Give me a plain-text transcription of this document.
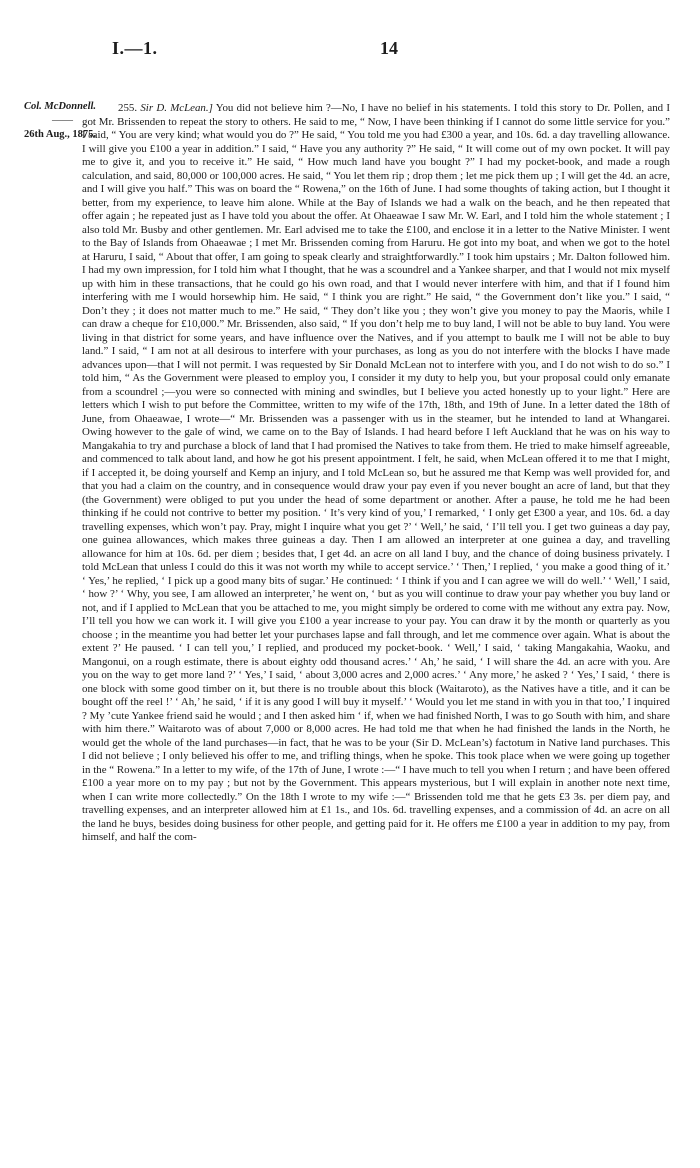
I.—1.	14
Col. McDonnell.
——
26th Aug., 1875.

255. Sir D. McLean.] You did not believe him ?—No, I have no belief in his statements. I told this story to Dr. Pollen, and I got Mr. Brissenden to repeat the story to others. He said to me, “ Now, I have been thinking if I cannot do some little service for you.” I said, “ You are very kind; what would you do ?” He said, “ You told me you had £300 a year, and 10s. 6d. a day travelling allowance. I will give you £100 a year in addition.” I said, “ Have you any authority ?” He said, “ It will come out of my own pocket. It will pay me to give it, and you to receive it.” He said, “ How much land have you bought ?” I had my pocket-book, and made a rough calculation, and said, 80,000 or 100,000 acres. He said, “ You let them rip ; drop them ; let me pick them up ; I will get the 4d. an acre, and I will give you half.” This was on board the “ Rowena,” on the 16th of June. I had some thoughts of taking action, but I thought it better, from my experience, to leave him alone. While at the Bay of Islands we had a walk on the beach, and he then repeated that offer again ; he repeated just as I have told you about the offer. At Ohaeawae I saw Mr. W. Earl, and I told him the whole statement ; I also told Mr. Busby and other gentlemen. Mr. Earl advised me to take the £100, and enclose it in a letter to the Native Minister. I went to the Bay of Islands from Ohaeawae ; I met Mr. Brissenden coming from Haruru. He got into my boat, and when we got to the hotel at Haruru, I said, “ About that offer, I am going to speak clearly and straightforwardly.” I took him upstairs ; Mr. Dalton followed him. I had my own impression, for I told him what I thought, that he was a scoundrel and a Yankee sharper, and that I would not mix myself up with him in these transactions, that he could go his own road, and that I would never interfere with him, and that if I found him interfering with me I would horsewhip him. He said, “ I think you are right.” He said, “ the Government don’t like you.” I said, “ Don’t they ; it does not matter much to me.” He said, “ They don’t like you ; they won’t give you money to pay the Maoris, while I can draw a cheque for £10,000.” Mr. Brissenden, also said, “ If you don’t help me to buy land, I will not be able to buy land. You were living in that district for some years, and have influence over the Natives, and if you attempt to baulk me I will not be able to buy land.” I said, “ I am not at all desirous to interfere with your purchases, as long as you do not interfere with the blocks I have made advances upon—that I will not permit. I was requested by Sir Donald McLean not to interfere with you, and I do not wish to do so.” I told him, “ As the Government were pleased to employ you, I consider it my duty to help you, but your proposal could only emanate from a scoundrel ;—you were so connected with mining and swindles, but I believe you acted honestly up to your light.” Here are letters which I wish to put before the Committee, written to my wife of the 17th, 18th, and 19th of June. In a letter dated the 18th of June, from Ohaeawae, I wrote—“ Mr. Brissenden was a passenger with us in the steamer, but he intended to land at Whangarei. Owing however to the gale of wind, we came on to the Bay of Islands. I had heard before I left Auckland that he was on his way to Mangakahia to try and purchase a block of land that I had promised the Natives to take from them. He tried to make himself agreeable, and commenced to talk about land, and how he got his present appointment. I felt, he said, when McLean offered it to me that I might, if I accepted it, be doing yourself and Kemp an injury, and I told McLean so, but he assured me that Kemp was well provided for, and that you had a claim on the country, and in consequence would draw your pay even if you never bought an acre of land, but that they (the Government) were obliged to put you under the head of some department or another. After a pause, he told me he had been thinking if he could not contrive to better my position. ‘ It’s very kind of you,’ I remarked, ‘ I only get £300 a year, and 10s. 6d. a day travelling expenses, which won’t pay. Pray, might I inquire what you get ?’ ‘ Well,’ he said, ‘ I’ll tell you. I get two guineas a day pay, one guinea allowances, which makes three guineas a day. Then I am allowed an interpreter at one guinea a day, and travelling allowance for him at 10s. 6d. per diem ; besides that, I get 4d. an acre on all land I buy, and the chance of doing business privately. I told McLean that unless I could do this it was not worth my while to accept service.’ ‘ Then,’ I replied, ‘ you make a good thing of it.’ ‘ Yes,’ he replied, ‘ I pick up a good many bits of sugar.’ He continued: ‘ I think if you and I can agree we will do well.’ ‘ Well,’ I said, ‘ how ?’ ‘ Why, you see, I am allowed an interpreter,’ he went on, ‘ but as you will continue to draw your pay whether you buy land or not, and if I applied to McLean that you be attached to me, you might simply be ordered to come with me without any extra pay. Now, I’ll tell you how we can work it. I will give you £100 a year increase to your pay. You can draw it by the month or quarterly as you choose ; in the meantime you had better let your purchases lapse and fall through, and let me commence over again. What is about the extent ?’ He paused. ‘ I can tell you,’ I replied, and produced my pocket-book. ‘ Well,’ I said, ‘ taking Mangakahia, Waoku, and Mangonui, on a rough estimate, there is about eighty odd thousand acres.’ ‘ Ah,’ he said, ‘ I will share the 4d. an acre with you. Are you on the way to get more land ?’ ‘ Yes,’ I said, ‘ about 3,000 acres and 2,000 acres.’ ‘ Any more,’ he asked ? ‘ Yes,’ I said, ‘ there is one block with some good timber on it, but there is no trouble about this block (Waitaroto), as the Natives have a title, and it can be bought off the reel !’ ‘ Ah,’ he said, ‘ if it is any good I will buy it myself.’ ‘ Would you let me stand in with you in that too,’ I inquired ? My ’cute Yankee friend said he would ; and I then asked him ‘ if, when we had finished North, I was to go South with him, and share with him there.” Waitaroto was of about 7,000 or 8,000 acres. He had told me that when he had finished the lands in the North, he would get the whole of the land purchases—in fact, that he was to be your (Sir D. McLean’s) factotum in Native land purchases. This I did not believe ; I only believed his offer to me, and trifling things, when he spoke. This took place when we were going up together in the “ Rowena.” In a letter to my wife, of the 17th of June, I wrote :—“ I have much to tell you when I return ; and have been offered £100 a year more on to my pay ; but not by the Government. This appears mysterious, but I will explain in another note next time, when I can write more collectedly.” On the 18th I wrote to my wife :—“ Brissenden told me that he gets £3 3s. per diem pay, and travelling expenses, and an interpreter allowed him at £1 1s., and 10s. 6d. travelling expenses, and a commission of 4d. an acre on all the land he buys, besides doing business for other people, and getting paid for it. He offers me £100 a year in addition to my pay, from himself, and half the com-
